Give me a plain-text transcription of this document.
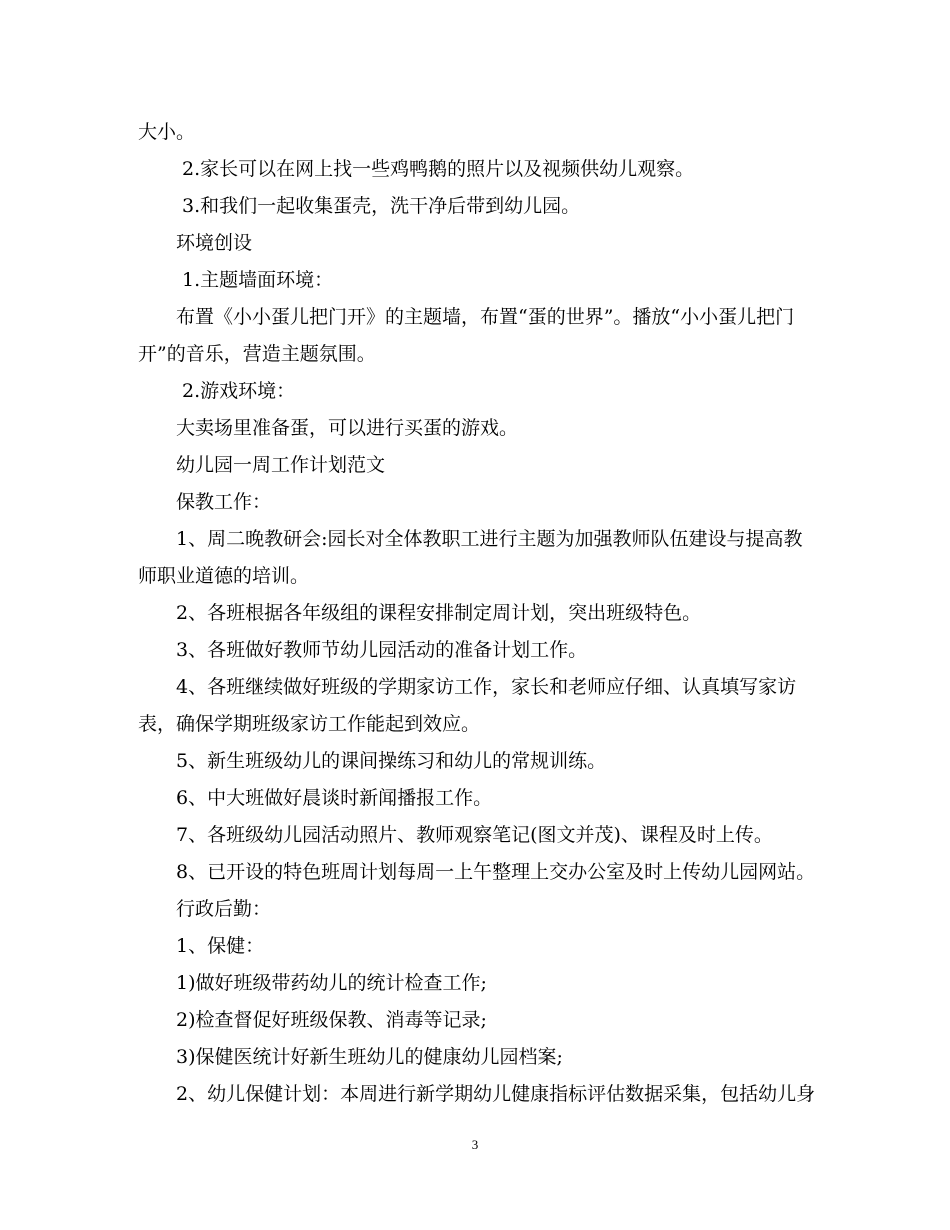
大小。

2.家长可以在网上找一些鸡鸭鹅的照片以及视频供幼儿观察。

3.和我们一起收集蛋壳，洗干净后带到幼儿园。

环境创设

1.主题墙面环境：

布置《小小蛋儿把门开》的主题墙，布置“蛋的世界”。播放“小小蛋儿把门开”的音乐，营造主题氛围。

2.游戏环境：

大卖场里准备蛋，可以进行买蛋的游戏。

幼儿园一周工作计划范文

保教工作：

1、周二晚教研会:园长对全体教职工进行主题为加强教师队伍建设与提高教师职业道德的培训。

2、各班根据各年级组的课程安排制定周计划，突出班级特色。

3、各班做好教师节幼儿园活动的准备计划工作。

4、各班继续做好班级的学期家访工作，家长和老师应仔细、认真填写家访表，确保学期班级家访工作能起到效应。

5、新生班级幼儿的课间操练习和幼儿的常规训练。

6、中大班做好晨谈时新闻播报工作。

7、各班级幼儿园活动照片、教师观察笔记(图文并茂)、课程及时上传。

8、已开设的特色班周计划每周一上午整理上交办公室及时上传幼儿园网站。

行政后勤：

1、保健：

1)做好班级带药幼儿的统计检查工作;

2)检查督促好班级保教、消毒等记录;

3)保健医统计好新生班幼儿的健康幼儿园档案;

2、幼儿保健计划：本周进行新学期幼儿健康指标评估数据采集，包括幼儿身

3
